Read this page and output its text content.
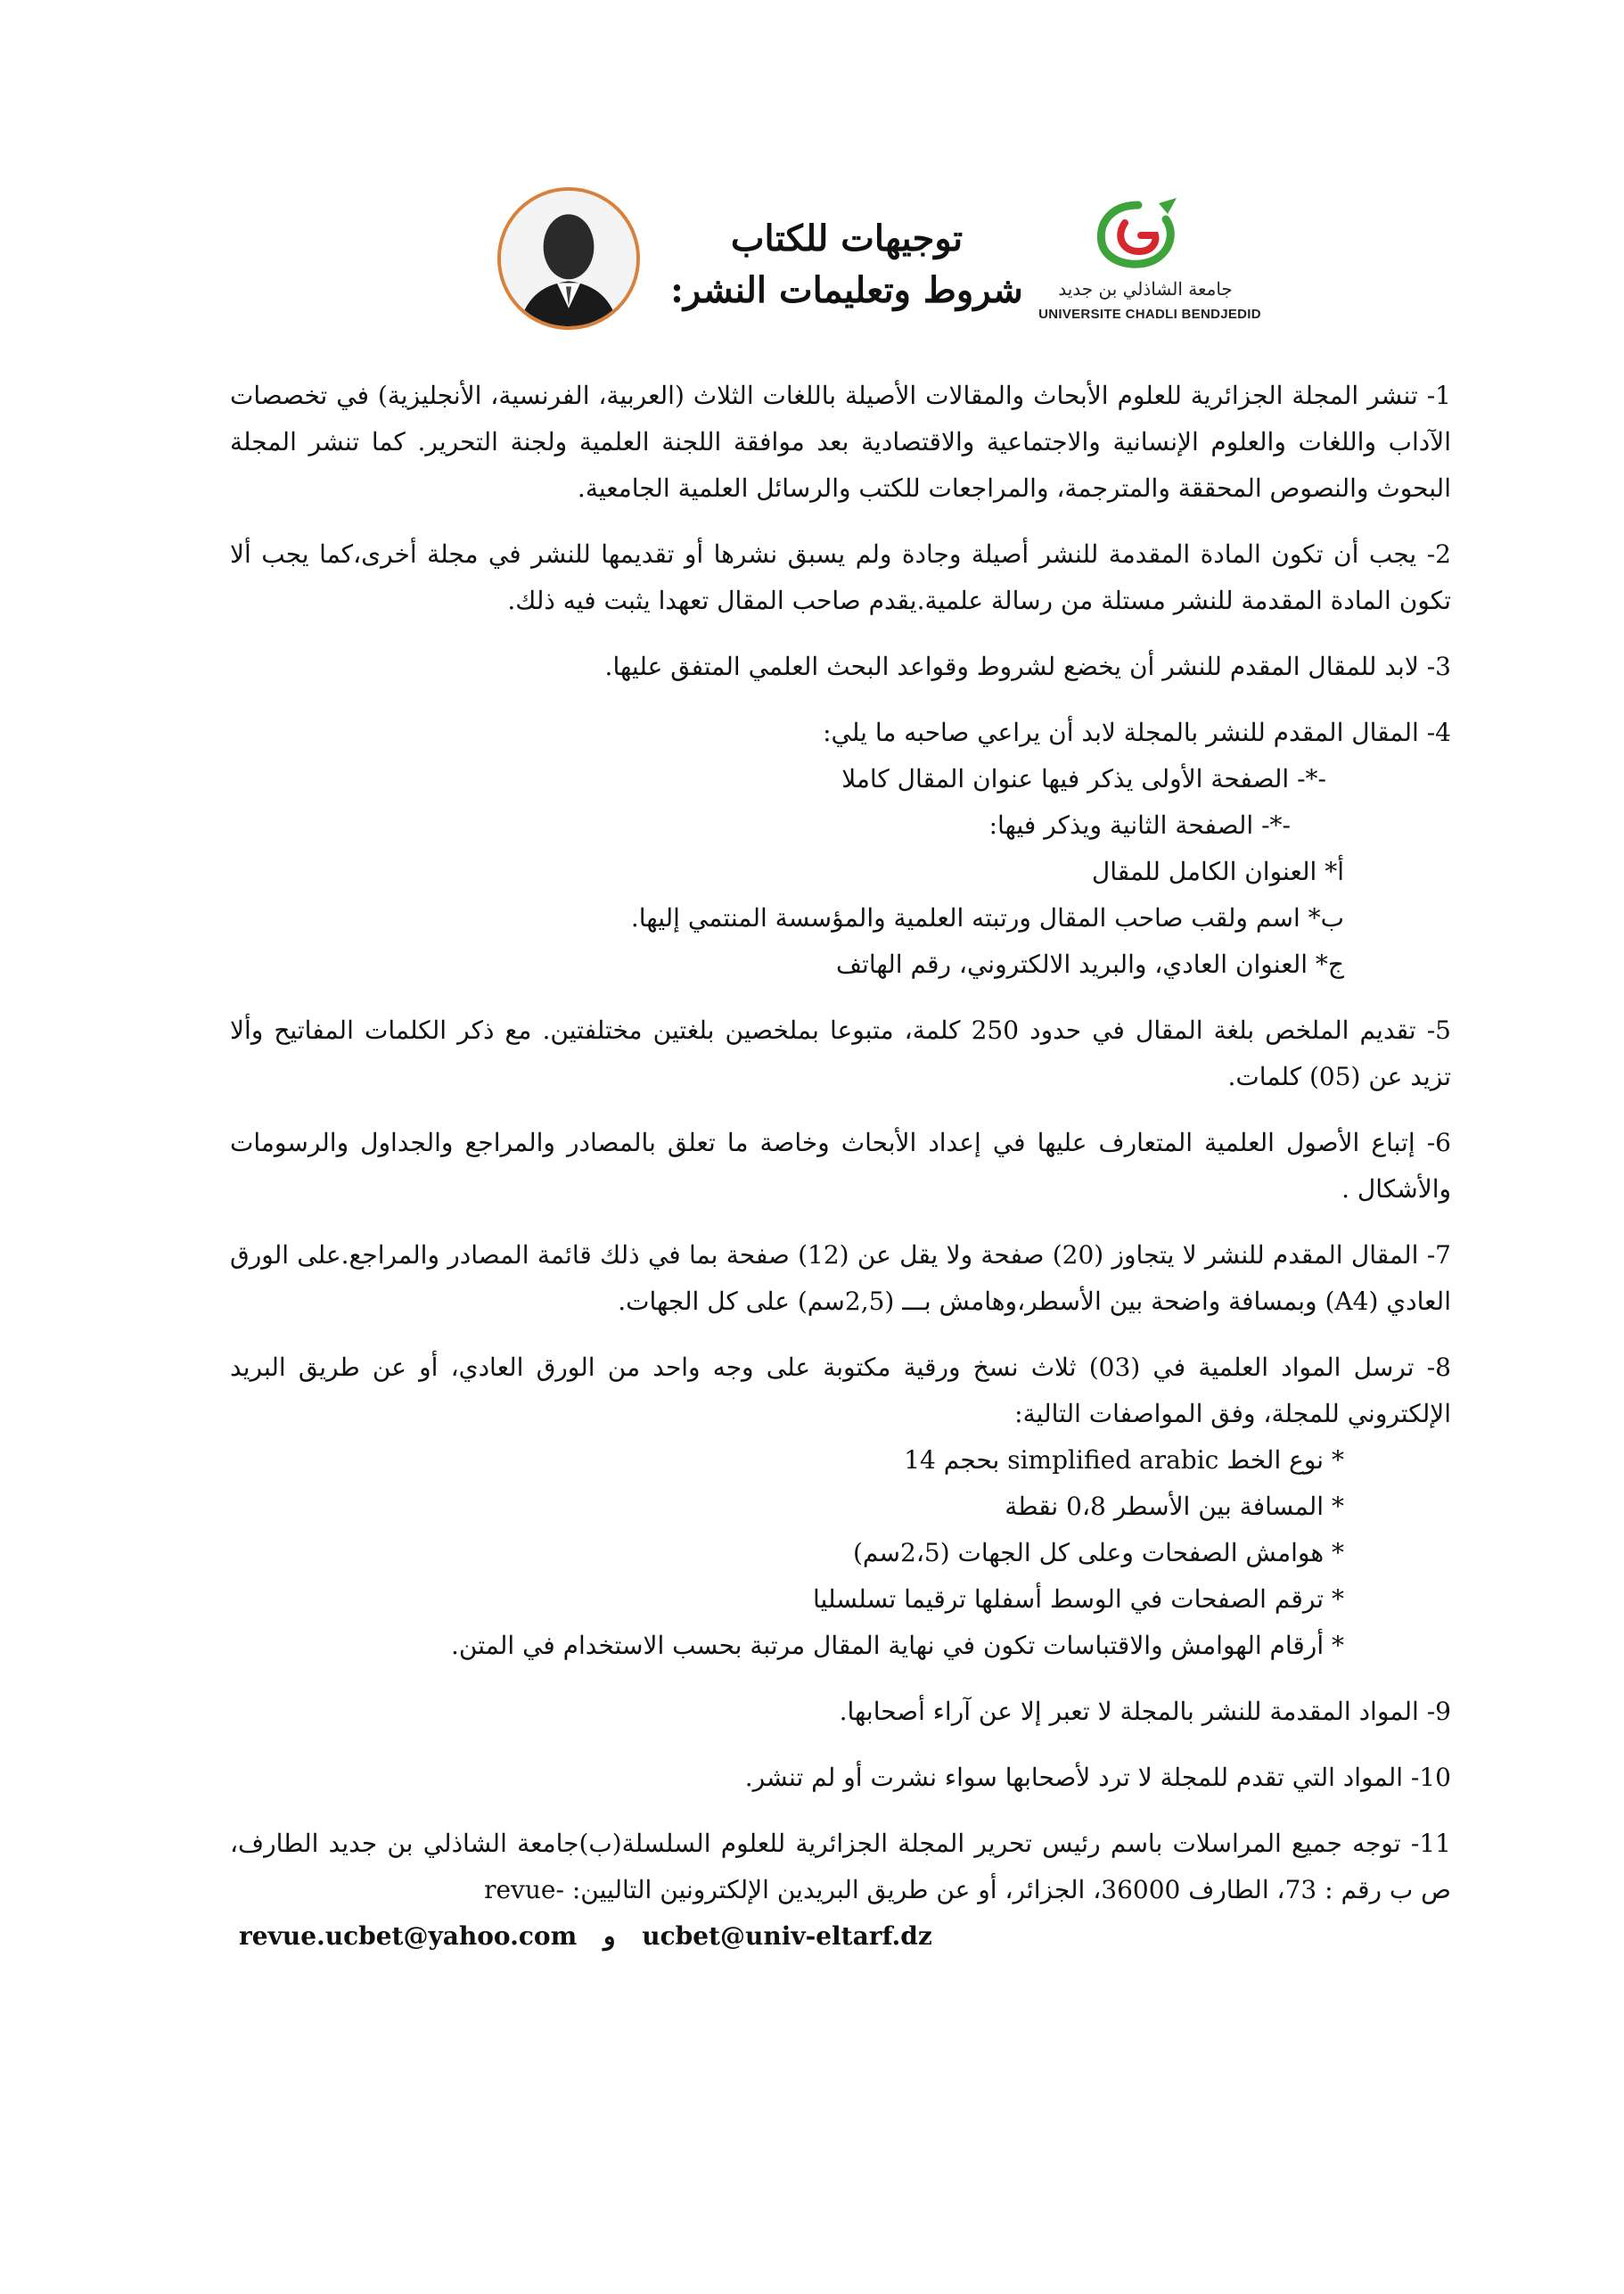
توجيهات للكتاب
شروط وتعليمات النشر:	جامعة الشاذلي بن جديد
UNIVERSITE CHADLI BENDJEDID

1- تنشر المجلة الجزائرية للعلوم الأبحاث والمقالات الأصيلة باللغات الثلاث (العربية، الفرنسية، الأنجليزية) في تخصصات الآداب واللغات والعلوم الإنسانية والاجتماعية والاقتصادية بعد موافقة اللجنة العلمية ولجنة التحرير. كما تنشر المجلة البحوث والنصوص المحققة والمترجمة، والمراجعات للكتب والرسائل العلمية الجامعية.

2- يجب أن تكون المادة المقدمة للنشر أصيلة وجادة ولم يسبق نشرها أو تقديمها للنشر في مجلة أخرى،كما يجب ألا تكون المادة المقدمة للنشر مستلة من رسالة علمية.يقدم صاحب المقال تعهدا يثبت فيه ذلك.

3- لابد للمقال المقدم للنشر أن يخضع لشروط وقواعد البحث العلمي المتفق عليها.

4- المقال المقدم للنشر بالمجلة لابد أن يراعي صاحبه ما يلي:

-*- الصفحة الأولى يذكر فيها عنوان المقال كاملا

-*- الصفحة الثانية ويذكر فيها:

أ* العنوان الكامل للمقال

ب* اسم ولقب صاحب المقال ورتبته العلمية والمؤسسة المنتمي إليها.

ج* العنوان العادي، والبريد الالكتروني، رقم الهاتف

5- تقديم الملخص بلغة المقال في حدود 250 كلمة، متبوعا بملخصين بلغتين مختلفتين. مع ذكر الكلمات المفاتيح وألا تزيد عن (05) كلمات.

6- إتباع الأصول العلمية المتعارف عليها في إعداد الأبحاث وخاصة ما تعلق بالمصادر والمراجع والجداول والرسومات والأشكال .

7- المقال المقدم للنشر لا يتجاوز (20) صفحة ولا يقل عن (12) صفحة بما في ذلك قائمة المصادر والمراجع.على الورق العادي (A4) وبمسافة واضحة بين الأسطر،وهامش بـــ (2,5سم) على كل الجهات.

8- ترسل المواد العلمية في (03) ثلاث نسخ ورقية مكتوبة على وجه واحد من الورق العادي، أو عن طريق البريد الإلكتروني للمجلة، وفق المواصفات التالية:

* نوع الخط simplified arabic بحجم 14

* المسافة بين الأسطر 0،8 نقطة

* هوامش الصفحات وعلى كل الجهات (2،5سم)

* ترقم الصفحات في الوسط أسفلها ترقيما تسلسليا

* أرقام الهوامش والاقتباسات تكون في نهاية المقال مرتبة بحسب الاستخدام في المتن.

9- المواد المقدمة للنشر بالمجلة لا تعبر إلا عن آراء أصحابها.

10- المواد التي تقدم للمجلة لا ترد لأصحابها سواء نشرت أو لم تنشر.

11- توجه جميع المراسلات باسم رئيس تحرير المجلة الجزائرية للعلوم السلسلة(ب)جامعة الشاذلي بن جديد الطارف، ص ب رقم : 73، الطارف 36000، الجزائر، أو عن طريق البريدين الإلكترونين التاليين: -revue

revue.ucbet@yahoo.com و ucbet@univ-eltarf.dz
